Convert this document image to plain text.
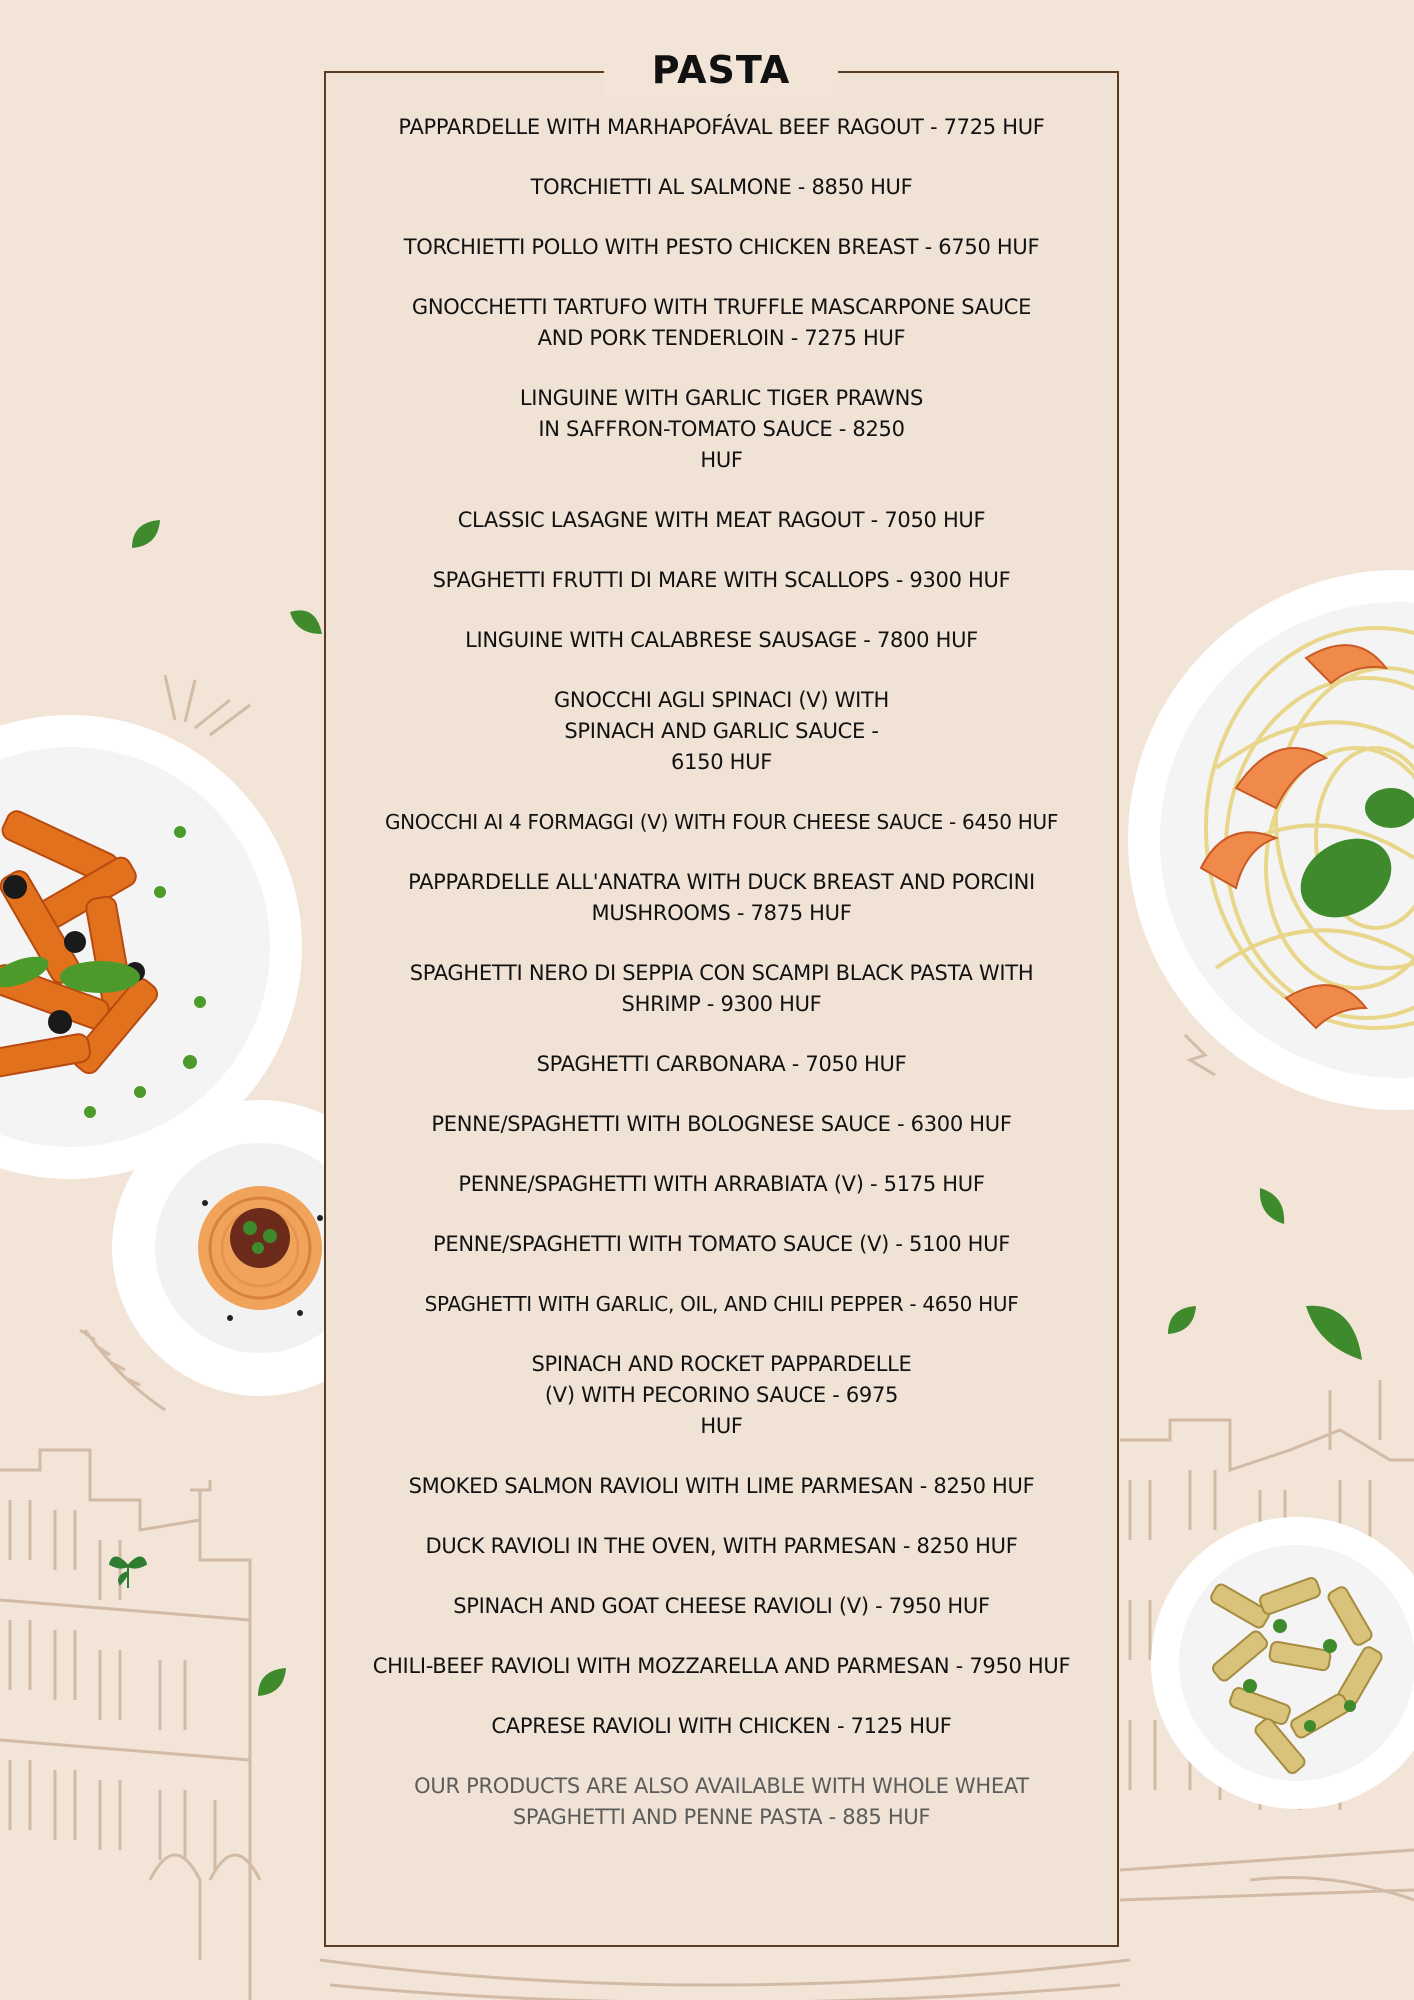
PASTA
PAPPARDELLE WITH MARHAPOFÁVAL BEEF RAGOUT - 7725 HUF
TORCHIETTI AL SALMONE - 8850 HUF
TORCHIETTI POLLO WITH PESTO CHICKEN BREAST - 6750 HUF
GNOCCHETTI TARTUFO WITH TRUFFLE MASCARPONE SAUCE AND PORK TENDERLOIN - 7275 HUF
LINGUINE WITH GARLIC TIGER PRAWNS IN SAFFRON-TOMATO SAUCE - 8250 HUF
CLASSIC LASAGNE WITH MEAT RAGOUT - 7050 HUF
SPAGHETTI FRUTTI DI MARE WITH SCALLOPS - 9300 HUF
LINGUINE WITH CALABRESE SAUSAGE - 7800 HUF
GNOCCHI AGLI SPINACI (V) WITH SPINACH AND GARLIC SAUCE - 6150 HUF
GNOCCHI AI 4 FORMAGGI (V) WITH FOUR CHEESE SAUCE - 6450 HUF
PAPPARDELLE ALL'ANATRA WITH DUCK BREAST AND PORCINI MUSHROOMS - 7875 HUF
SPAGHETTI NERO DI SEPPIA CON SCAMPI BLACK PASTA WITH SHRIMP - 9300 HUF
SPAGHETTI CARBONARA - 7050 HUF
PENNE/SPAGHETTI WITH BOLOGNESE SAUCE - 6300 HUF
PENNE/SPAGHETTI WITH ARRABIATA (V) - 5175 HUF
PENNE/SPAGHETTI WITH TOMATO SAUCE (V) - 5100 HUF
SPAGHETTI WITH GARLIC, OIL, AND CHILI PEPPER - 4650 HUF
SPINACH AND ROCKET PAPPARDELLE (V) WITH PECORINO SAUCE - 6975 HUF
SMOKED SALMON RAVIOLI WITH LIME PARMESAN - 8250 HUF
DUCK RAVIOLI IN THE OVEN, WITH PARMESAN - 8250 HUF
SPINACH AND GOAT CHEESE RAVIOLI (V) - 7950 HUF
CHILI-BEEF RAVIOLI WITH MOZZARELLA AND PARMESAN - 7950 HUF
CAPRESE RAVIOLI WITH CHICKEN - 7125 HUF
OUR PRODUCTS ARE ALSO AVAILABLE WITH WHOLE WHEAT SPAGHETTI AND PENNE PASTA - 885 HUF
